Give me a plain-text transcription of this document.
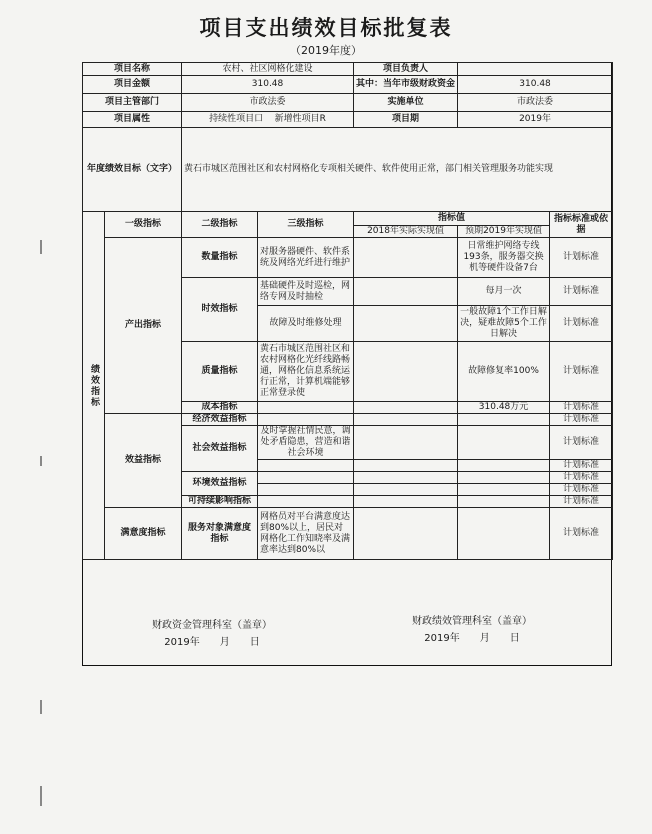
项目支出绩效目标批复表
（2019年度）
项目名称		农村、社区网格化建设		项目负责人		
项目金额		310.48		其中：当年市级财政资金	310.48	
项目主管部门		市政法委		实施单位	市政法委	
项目属性		持续性项目口 新增性项目R		项目期	2019年	
年度绩效目标（文字）		黄石市城区范围社区和农村网格化专项相关硬件、软件使用正常，部门相关管理服务功能实现				
绩效指标	一级指标	二级指标	三级指标	指标值		指标标准或依据
				2018年实际实现值	预期2019年实现值	
	产出指标	数量指标	对服务器硬件、软件系统及网络光纤进行维护		日常维护网络专线193条，服务器交换机等硬件设备7台	计划标准
		时效指标	基础硬件及时巡检，网络专网及时抽检		每月一次	计划标准
			故障及时维修处理		一般故障1个工作日解决，疑难故障5个工作日解决	计划标准
		质量指标	黄石市城区范围社区和农村网格化光纤线路畅通，网格化信息系统运行正常，计算机端能够正常登录使		故障修复率100%	计划标准
		成本指标			310.48万元	计划标准
	效益指标	经济效益指标				计划标准
		社会效益指标	及时掌握社情民意，调处矛盾隐患，营造和谐社会环境			计划标准
						计划标准
		环境效益指标				计划标准
						计划标准
		可持续影响指标				计划标准
	满意度指标	服务对象满意度指标	网格员对平台满意度达到80%以上，居民对网格化工作知晓率及满意率达到80%以			计划标准
财政资金管理科室（盖章）
2019年　　月　　日
财政绩效管理科室（盖章）
2019年　　月　　日
